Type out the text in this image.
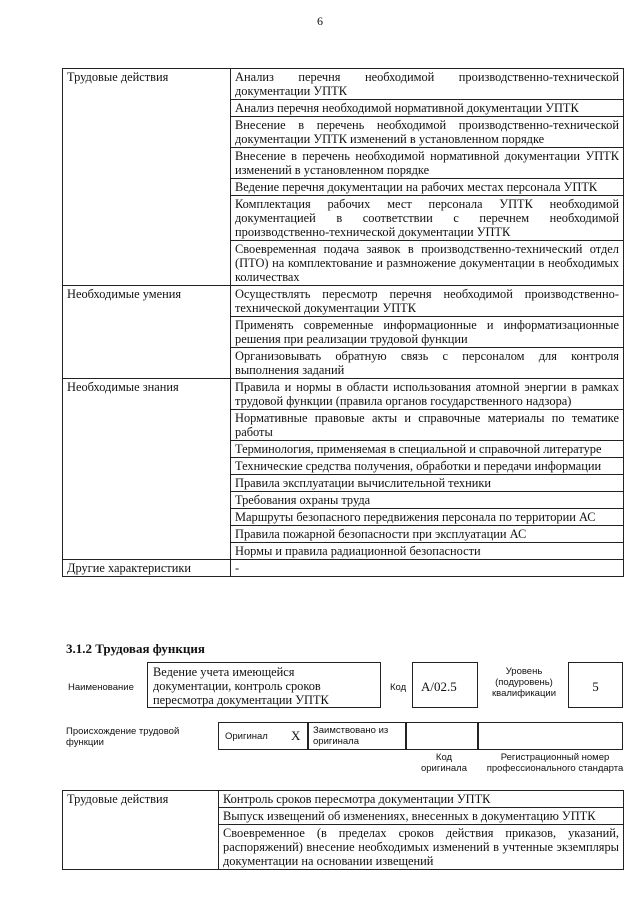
6
Трудовые действия	Анализ перечня необходимой производственно-технической документации УПТК
	Анализ перечня необходимой нормативной документации УПТК
	Внесение в перечень необходимой производственно-технической документации УПТК изменений в установленном порядке
	Внесение в перечень необходимой нормативной документации УПТК изменений в установленном порядке
	Ведение перечня документации на рабочих местах персонала УПТК
	Комплектация рабочих мест персонала УПТК необходимой документацией в соответствии с перечнем необходимой производственно-технической документации УПТК
	Своевременная подача заявок в производственно-технический отдел (ПТО) на комплектование и размножение документации в необходимых количествах
Необходимые умения	Осуществлять пересмотр перечня необходимой производственно-технической документации УПТК
	Применять современные информационные и информатизационные решения при реализации трудовой функции
	Организовывать обратную связь с персоналом для контроля выполнения заданий
Необходимые знания	Правила и нормы в области использования атомной энергии в рамках трудовой функции (правила органов государственного надзора)
	Нормативные правовые акты и справочные материалы по тематике работы
	Терминология, применяемая в специальной и справочной литературе
	Технические средства получения, обработки и передачи информации
	Правила эксплуатации вычислительной техники
	Требования охраны труда
	Маршруты безопасного передвижения персонала по территории АС
	Правила пожарной безопасности при эксплуатации АС
	Нормы и правила радиационной безопасности
Другие характеристики	-
3.1.2 Трудовая функция
Наименование
Ведение учета имеющейся документации, контроль сроков пересмотра документации УПТК
Код	A/02.5
Уровень (подуровень) квалификации	5
Происхождение трудовой функции
Оригинал X Заимствовано из оригинала
Код оригинала
Регистрационный номер профессионального стандарта
Трудовые действия	Контроль сроков пересмотра документации УПТК
Выпуск извещений об изменениях, внесенных в документацию УПТК
Своевременное (в пределах сроков действия приказов, указаний, распоряжений) внесение необходимых изменений в учтенные экземпляры документации на основании извещений
